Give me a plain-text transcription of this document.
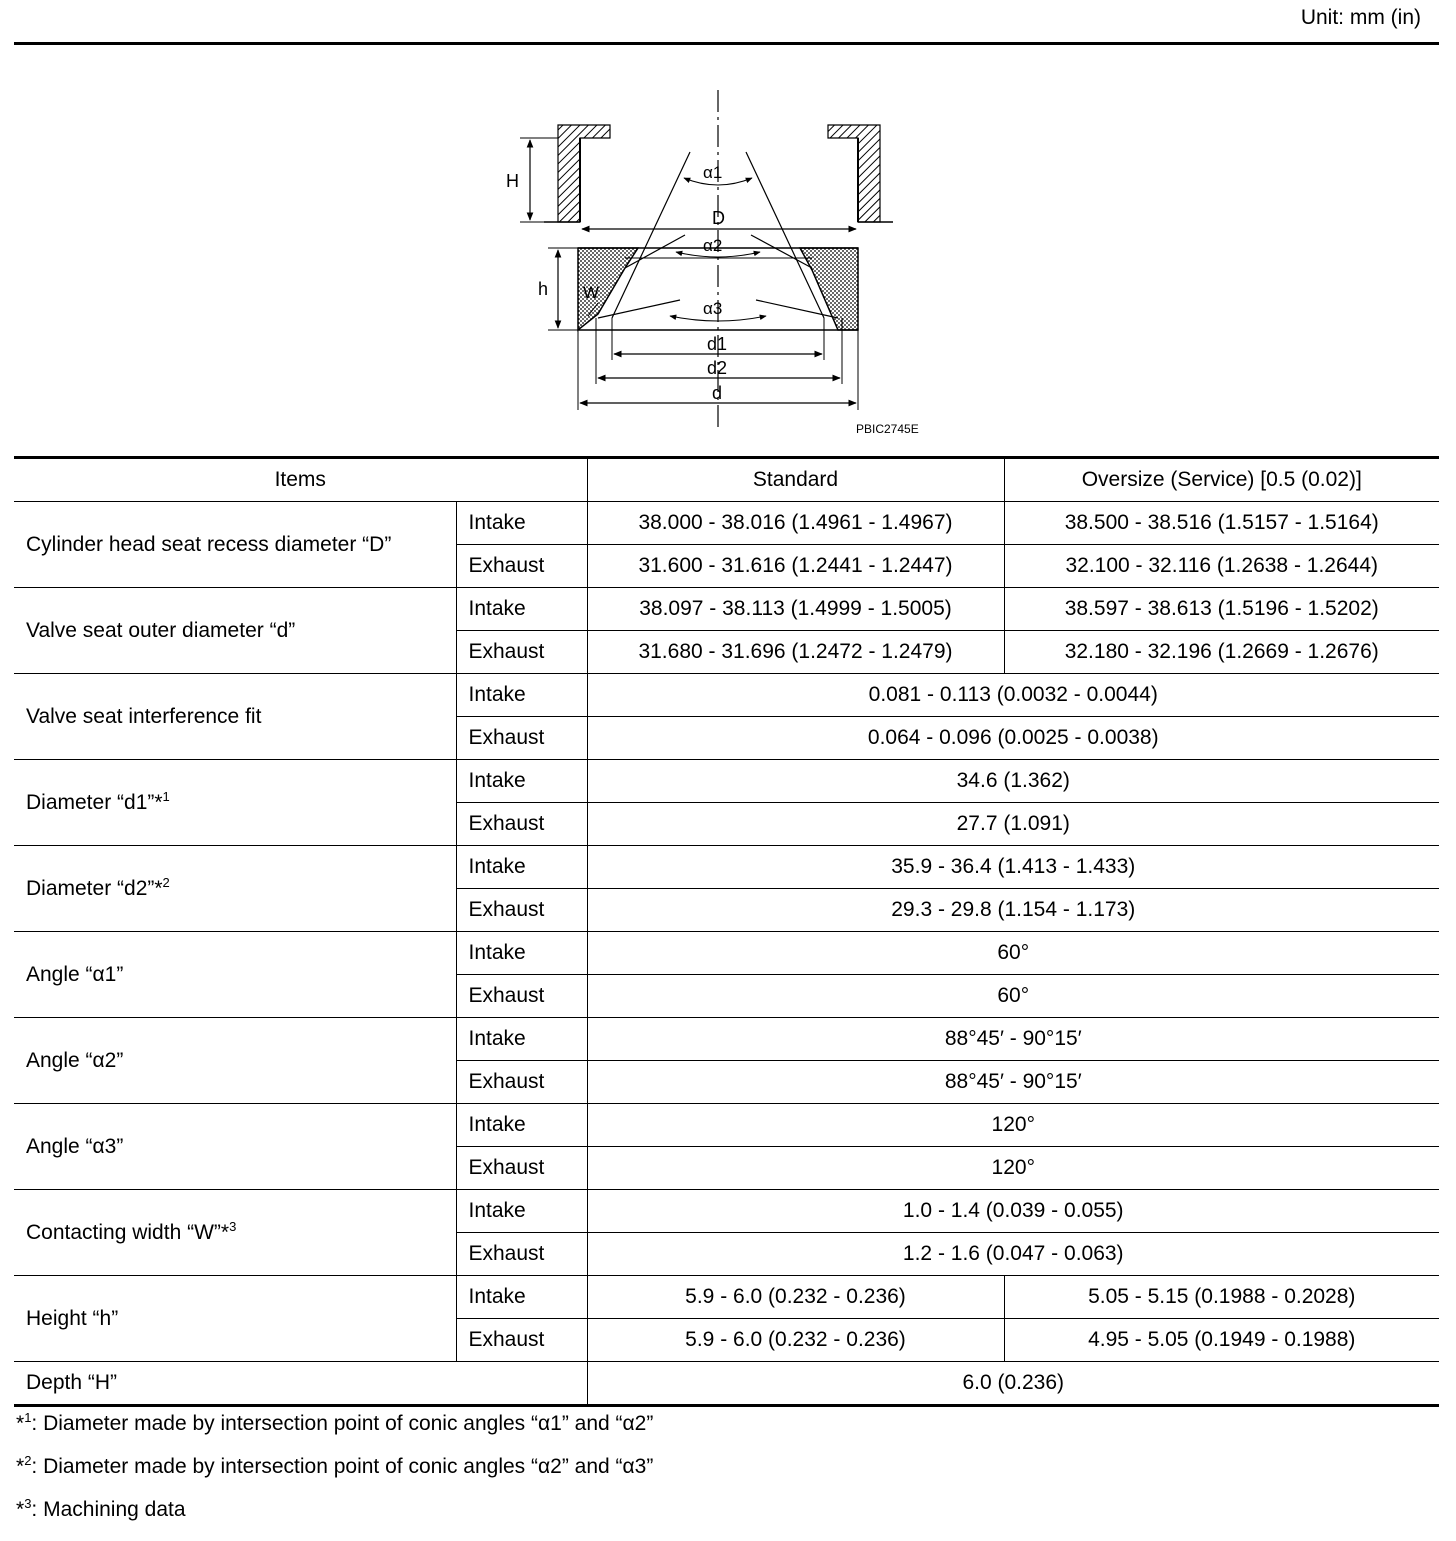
Unit: mm (in)
H
D
α1
α2
α3
h W
d1
d2
d
PBIC2745E
Items		Standard	Oversize (Service) [0.5 (0.02)]
Cylinder head seat recess diameter “D”	Intake	38.000 - 38.016 (1.4961 - 1.4967)	38.500 - 38.516 (1.5157 - 1.5164)
	Exhaust	31.600 - 31.616 (1.2441 - 1.2447)	32.100 - 32.116 (1.2638 - 1.2644)
Valve seat outer diameter “d”	Intake	38.097 - 38.113 (1.4999 - 1.5005)	38.597 - 38.613 (1.5196 - 1.5202)
	Exhaust	31.680 - 31.696 (1.2472 - 1.2479)	32.180 - 32.196 (1.2669 - 1.2676)
Valve seat interference fit	Intake	0.081 - 0.113 (0.0032 - 0.0044)	
	Exhaust	0.064 - 0.096 (0.0025 - 0.0038)	
Diameter “d1”*$^1$	Intake	34.6 (1.362)	
	Exhaust	27.7 (1.091)	
Diameter “d2”*$^2$	Intake	35.9 - 36.4 (1.413 - 1.433)	
	Exhaust	29.3 - 29.8 (1.154 - 1.173)	
Angle “α1”	Intake	60°	
	Exhaust	60°	
Angle “α2”	Intake	88°45′ - 90°15′	
	Exhaust	88°45′ - 90°15′	
Angle “α3”	Intake	120°	
	Exhaust	120°	
Contacting width “W”*$^3$	Intake	1.0 - 1.4 (0.039 - 0.055)	
	Exhaust	1.2 - 1.6 (0.047 - 0.063)	
Height “h”	Intake	5.9 - 6.0 (0.232 - 0.236)	5.05 - 5.15 (0.1988 - 0.2028)
	Exhaust	5.9 - 6.0 (0.232 - 0.236)	4.95 - 5.05 (0.1949 - 0.1988)
Depth “H”		6.0 (0.236)	
*$^1$: Diameter made by intersection point of conic angles “α1” and “α2”
*$^2$: Diameter made by intersection point of conic angles “α2” and “α3”
*$^3$: Machining data
